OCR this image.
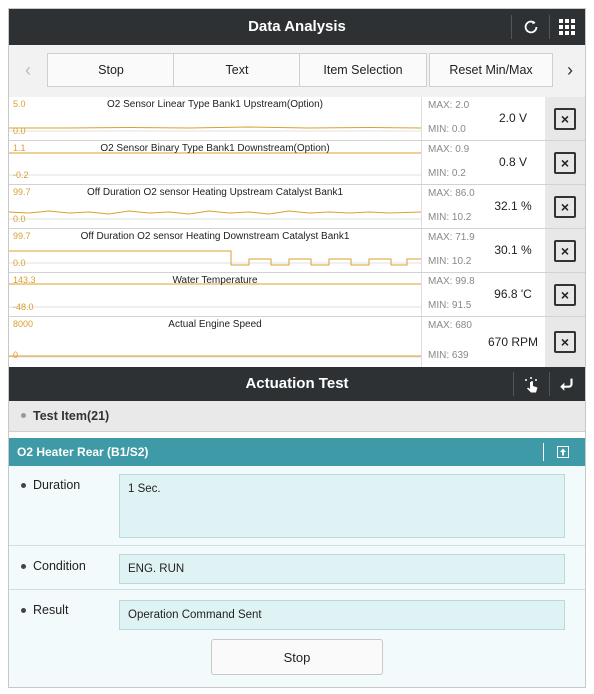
Data Analysis
‹	Stop	Text	Item Selection	Reset Min/Max	›
5.0
0.0
O2 Sensor Linear Type Bank1 Upstream(Option)	MAX: 2.0
MIN: 0.0
2.0 V	×
1.1
-0.2
O2 Sensor Binary Type Bank1 Downstream(Option)	MAX: 0.9
MIN: 0.2
0.8 V	×
99.7
0.0
Off Duration O2 sensor Heating Upstream Catalyst Bank1	MAX: 86.0
MIN: 10.2
32.1 %	×
99.7
0.0
Off Duration O2 sensor Heating Downstream Catalyst Bank1	MAX: 71.9
MIN: 10.2
30.1 %	×
143.3
-48.0
Water Temperature	MAX: 99.8
MIN: 91.5
96.8 'C	×
8000
0
Actual Engine Speed	MAX: 680
MIN: 639
670 RPM	×
Actuation Test
Test Item(21)
O2 Heater Rear (B1/S2)
Duration	1 Sec.
Condition	ENG. RUN
Result	Operation Command Sent
Stop
